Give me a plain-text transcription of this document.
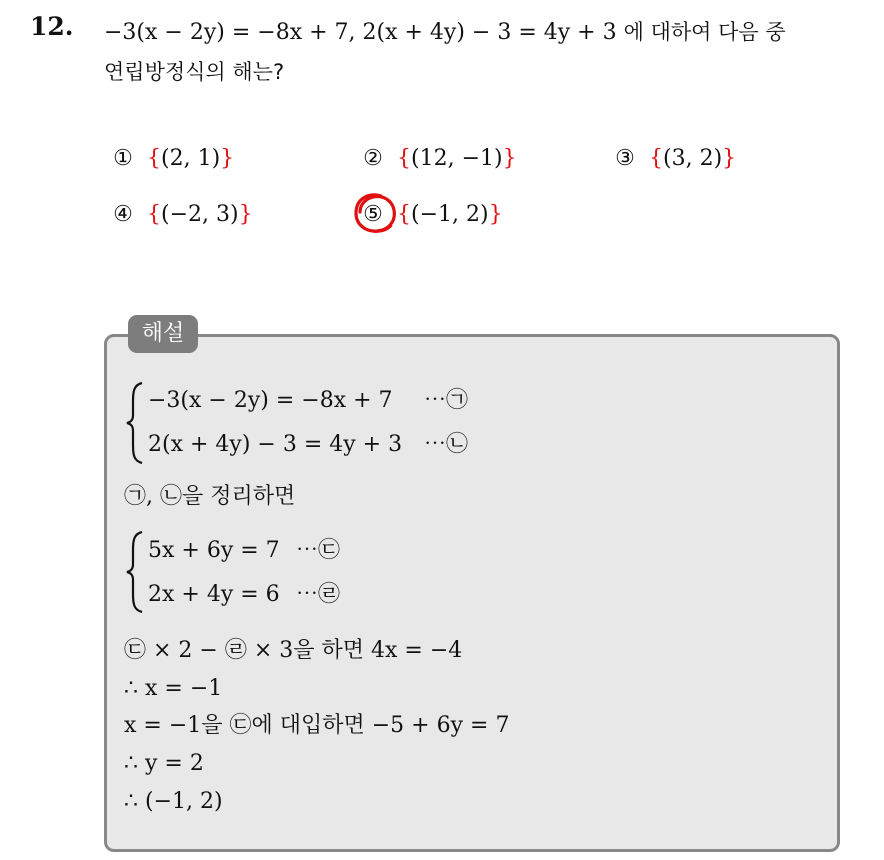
12. −3(x − 2y) = −8x + 7, 2(x + 4y) − 3 = 4y + 3 에 대하여 다음 중
연립방정식의 해는?
① {(2, 1)}	② {(12, −1)}	③ {(3, 2)}
④ {(−2, 3)}	⑤ {(−1, 2)}
해설
−3(x − 2y) = −8x + 7 ⋯㉠
2(x + 4y) − 3 = 4y + 3 ⋯㉡
㉠, ㉡을 정리하면
5x + 6y = 7 ⋯㉢
2x + 4y = 6 ⋯㉣
㉢ × 2 − ㉣ × 3을 하면 4x = −4
∴ x = −1
x = −1을 ㉢에 대입하면 −5 + 6y = 7
∴ y = 2
∴ (−1, 2)
